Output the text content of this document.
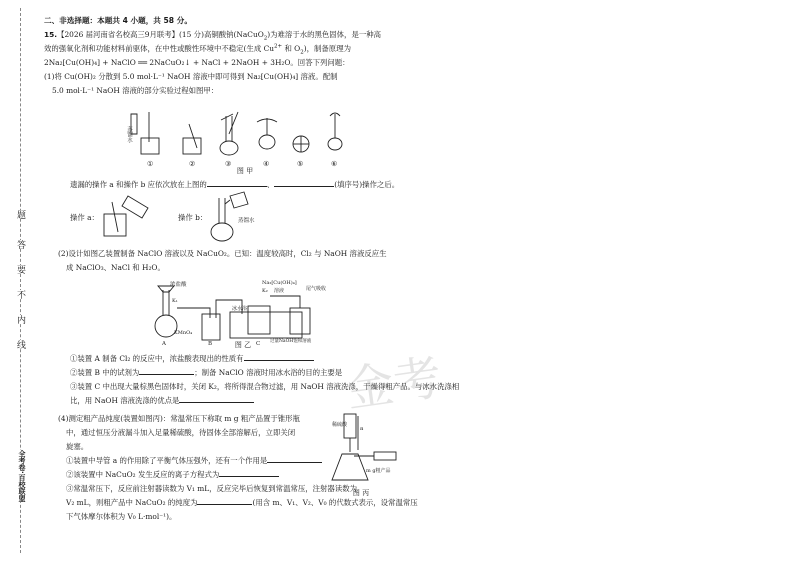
题
答
要
不
内
线
全考卷·百校联盟
金考
二、非选择题：本题共 4 小题，共 58 分。
15.【2026 届河南省名校高三9月联考】(15 分)高铜酸钠(NaCuO$_2$)为难溶于水的黑色固体，是一种高
效的强氧化剂和功能材料前驱体，在中性或酸性环境中不稳定(生成 $Cu^{2+}$ 和 $O_2$)，制备原理为
2Na₂[Cu(OH)₄] + NaClO ══ 2NaCuO₂↓ + NaCl + 2NaOH + 3H₂O。回答下列问题：
(1)将 Cu(OH)₂ 分散到 5.0 mol·L⁻¹ NaOH 溶液中即可得到 Na₂[Cu(OH)₄] 溶液。配制
5.0 mol·L⁻¹ NaOH 溶液的部分实验过程如图甲：
蒸馏水
①	②	③	④	⑤	⑥
图 甲
遗漏的操作 a 和操作 b 应依次放在上图的	、	(填序号)操作之后。
操作 a：	操作 b：	蒸馏水
(2)设计如图乙装置制备 NaClO 溶液以及 NaCuO₂。已知：温度较高时，Cl₂ 与 NaOH 溶液反应生
成 NaClO₃、NaCl 和 H₂O。
浓盐酸
K₁
KMnO₄
A	B
冰水浴
C
Na₂[Cu(OH)₄]
K₂ 溶液	尾气吸收
过量NaOH饱和溶液
图 乙
①装置 A 制备 Cl₂ 的反应中，浓盐酸表现出的性质有
②装置 B 中的试剂为	；制备 NaClO 溶液时用冰水浴的目的主要是
③装置 C 中出现大量棕黑色固体时，关闭 K₂，将所得混合物过滤，用 NaOH 溶液洗涤，干燥得粗产品。与冰水洗涤相
比，用 NaOH 溶液洗涤的优点是
(4)测定粗产品纯度(装置如图丙)：常温常压下称取 m g 粗产品置于锥形瓶
中，通过恒压分液漏斗加入足量稀硫酸，待固体全部溶解后，立即关闭
旋塞。
①装置中导管 a 的作用除了平衡气体压强外，还有一个作用是
②该装置中 NaCuO₂ 发生反应的离子方程式为
③常温常压下，反应前注射器读数为 V₁ mL，反应完毕后恢复到常温常压，注射器读数为
V₂ mL，则粗产品中 NaCuO₂ 的纯度为	(用含 m、V₁、V₂、V₀ 的代数式表示，设常温常压
下气体摩尔体积为 V₀ L·mol⁻¹)。
稀硫酸
a
m g粗产品
图 丙
